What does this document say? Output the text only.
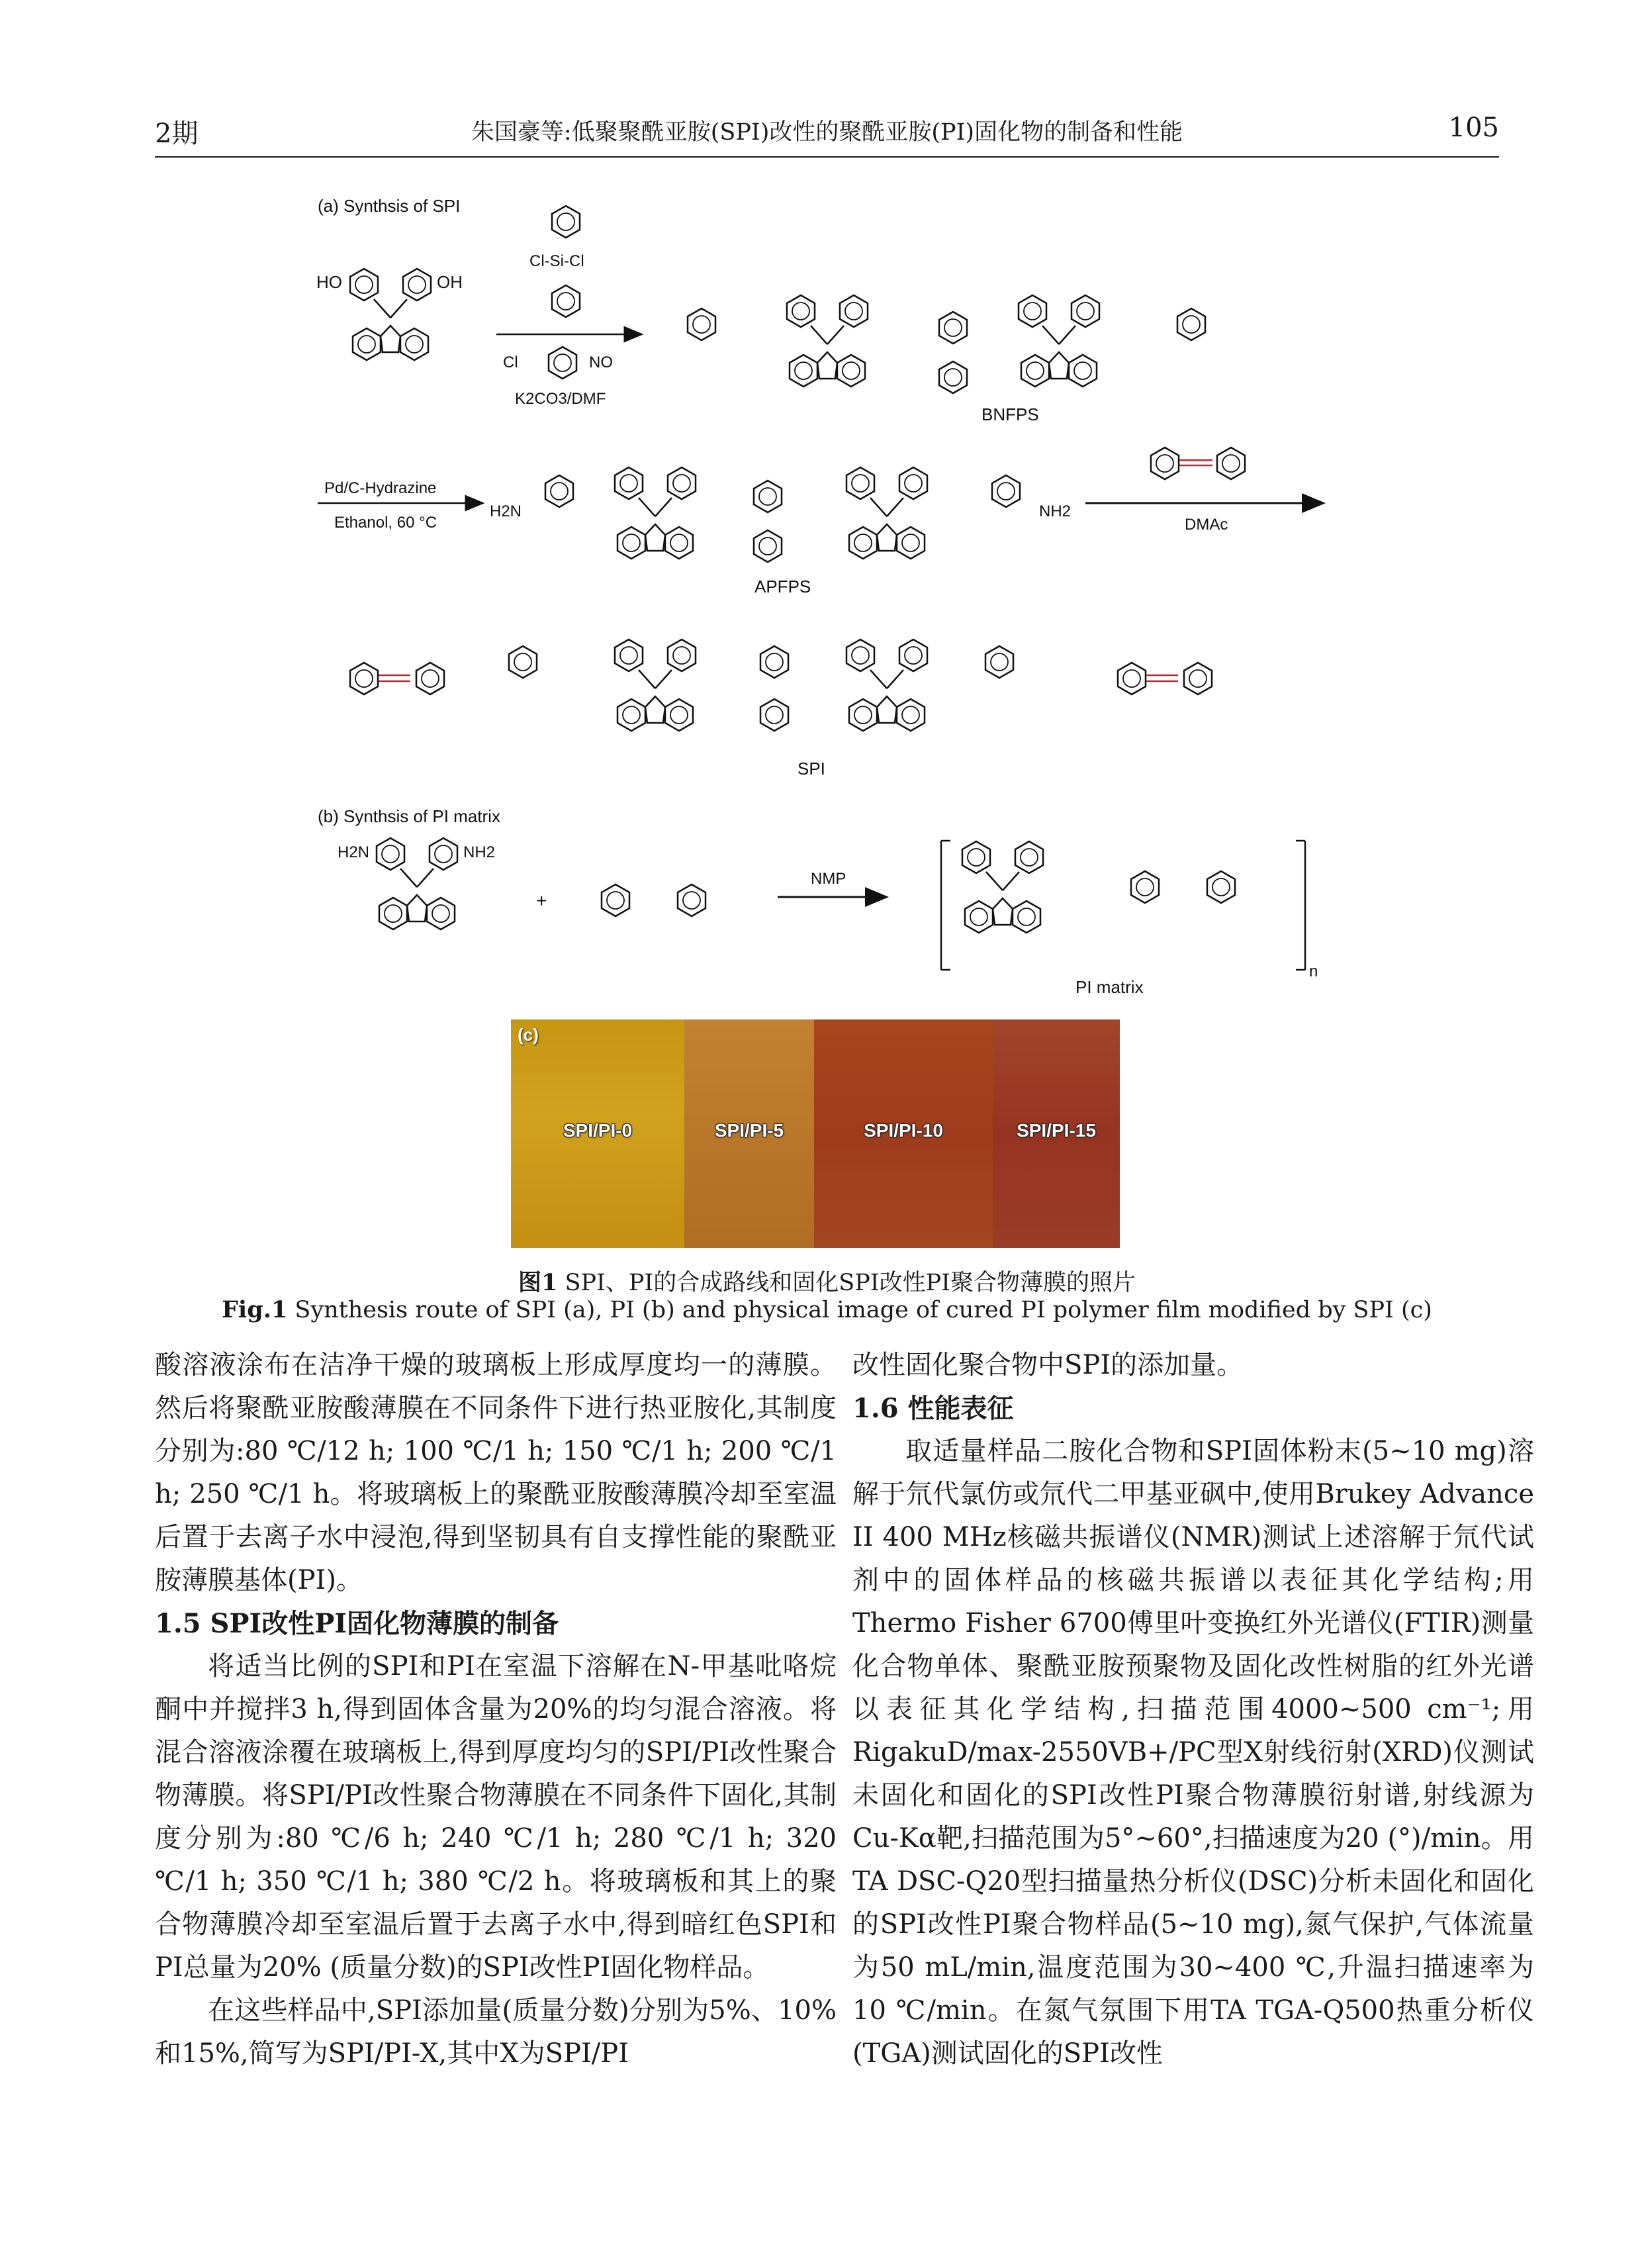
2期	朱国豪等:低聚聚酰亚胺(SPI)改性的聚酰亚胺(PI)固化物的制备和性能	105
(a) Synthsis of SPI
HO	OH
Cl-Si-Cl
Cl	NO
K2CO3/DMF
BNFPS
Pd/C-Hydrazine
Ethanol, 60 °C
H2N	NH2
APFPS
DMAc
SPI
(b) Synthsis of PI matrix
H2N	NH2
+
NMP
n
PI matrix
SPI/PI-0	SPI/PI-5	SPI/PI-10	SPI/PI-15
(c)
图1 SPI、PI的合成路线和固化SPI改性PI聚合物薄膜的照片
Fig.1 Synthesis route of SPI (a), PI (b) and physical image of cured PI polymer film modified by SPI (c)

酸溶液涂布在洁净干燥的玻璃板上形成厚度均一的薄膜。然后将聚酰亚胺酸薄膜在不同条件下进行热亚胺化,其制度分别为:80 ℃/12 h; 100 ℃/1 h; 150 ℃/1 h; 200 ℃/1 h; 250 ℃/1 h。将玻璃板上的聚酰亚胺酸薄膜冷却至室温后置于去离子水中浸泡,得到坚韧具有自支撑性能的聚酰亚胺薄膜基体(PI)。

1.5 SPI改性PI固化物薄膜的制备

将适当比例的SPI和PI在室温下溶解在N-甲基吡咯烷酮中并搅拌3 h,得到固体含量为20%的均匀混合溶液。将混合溶液涂覆在玻璃板上,得到厚度均匀的SPI/PI改性聚合物薄膜。将SPI/PI改性聚合物薄膜在不同条件下固化,其制度分别为:80 ℃/6 h; 240 ℃/1 h; 280 ℃/1 h; 320 ℃/1 h; 350 ℃/1 h; 380 ℃/2 h。将玻璃板和其上的聚合物薄膜冷却至室温后置于去离子水中,得到暗红色SPI和PI总量为20% (质量分数)的SPI改性PI固化物样品。

在这些样品中,SPI添加量(质量分数)分别为5%、10%和15%,简写为SPI/PI-X,其中X为SPI/PI

改性固化聚合物中SPI的添加量。

1.6 性能表征

取适量样品二胺化合物和SPI固体粉末(5~10 mg)溶解于氘代氯仿或氘代二甲基亚砜中,使用Brukey Advance II 400 MHz核磁共振谱仪(NMR)测试上述溶解于氘代试剂中的固体样品的核磁共振谱以表征其化学结构;用Thermo Fisher 6700傅里叶变换红外光谱仪(FTIR)测量化合物单体、聚酰亚胺预聚物及固化改性树脂的红外光谱以表征其化学结构,扫描范围4000~500 cm⁻¹;用RigakuD/max-2550VB+/PC型X射线衍射(XRD)仪测试未固化和固化的SPI改性PI聚合物薄膜衍射谱,射线源为Cu-Kα靶,扫描范围为5°~60°,扫描速度为20 (°)/min。用TA DSC-Q20型扫描量热分析仪(DSC)分析未固化和固化的SPI改性PI聚合物样品(5~10 mg),氮气保护,气体流量为50 mL/min,温度范围为30~400 ℃,升温扫描速率为10 ℃/min。在氮气氛围下用TA TGA-Q500热重分析仪(TGA)测试固化的SPI改性
